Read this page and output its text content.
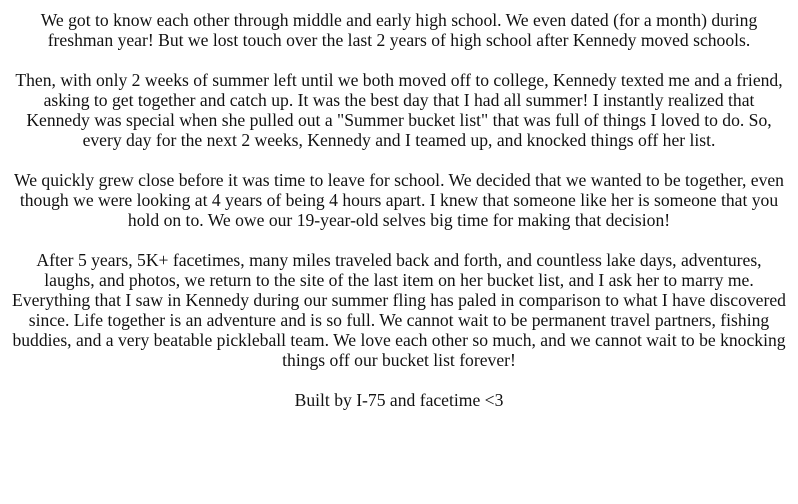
We got to know each other through middle and early high school. We even dated (for a month) during freshman year! But we lost touch over the last 2 years of high school after Kennedy moved schools.

Then, with only 2 weeks of summer left until we both moved off to college, Kennedy texted me and a friend, asking to get together and catch up. It was the best day that I had all summer! I instantly realized that Kennedy was special when she pulled out a "Summer bucket list" that was full of things I loved to do. So, every day for the next 2 weeks, Kennedy and I teamed up, and knocked things off her list.

We quickly grew close before it was time to leave for school. We decided that we wanted to be together, even though we were looking at 4 years of being 4 hours apart. I knew that someone like her is someone that you hold on to. We owe our 19-year-old selves big time for making that decision!

After 5 years, 5K+ facetimes, many miles traveled back and forth, and countless lake days, adventures, laughs, and photos, we return to the site of the last item on her bucket list, and I ask her to marry me. Everything that I saw in Kennedy during our summer fling has paled in comparison to what I have discovered since. Life together is an adventure and is so full. We cannot wait to be permanent travel partners, fishing buddies, and a very beatable pickleball team. We love each other so much, and we cannot wait to be knocking things off our bucket list forever!

Built by I-75 and facetime <3
